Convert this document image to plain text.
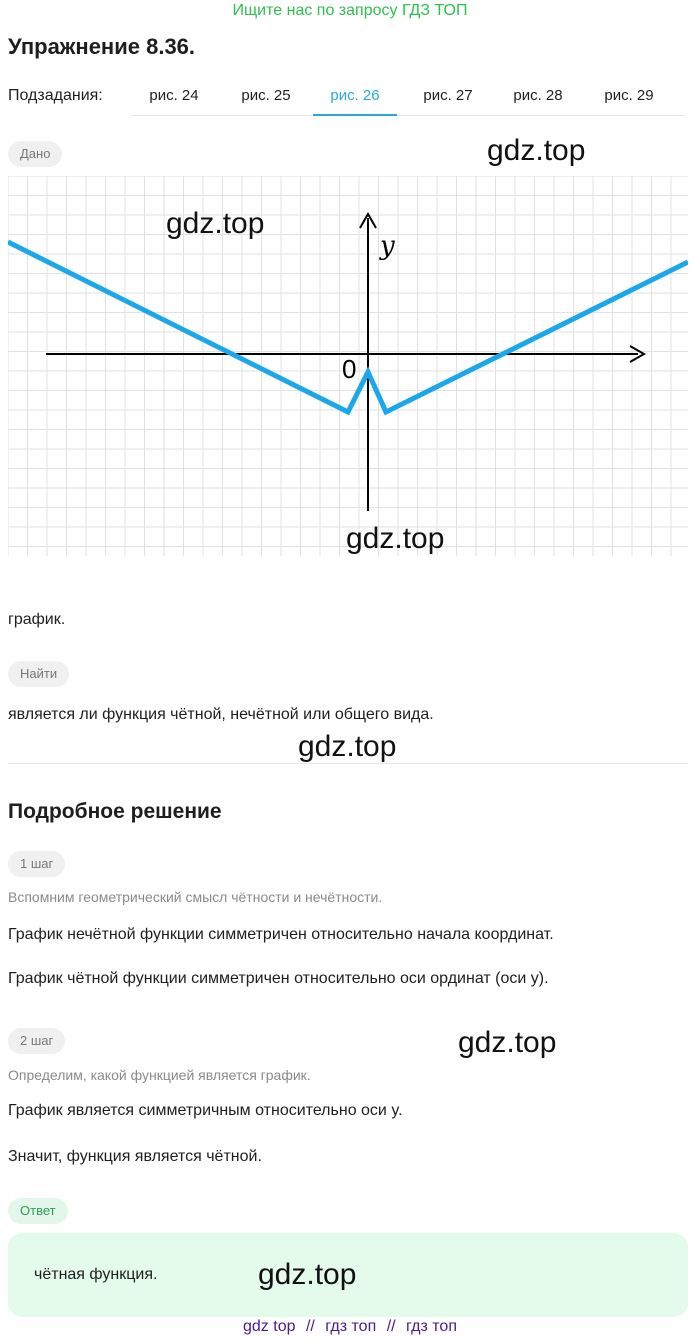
Ищите нас по запросу ГДЗ ТОП
Упражнение 8.36.
Подзадания:	рис. 24	рис. 25	рис. 26	рис. 27	рис. 28	рис. 29
Дано
y
0
gdz.top
gdz.top
gdz.top
график.
Найти
является ли функция чётной, нечётной или общего вида.
gdz.top
Подробное решение
1 шаг
Вспомним геометрический смысл чётности и нечётности.
График нечётной функции симметричен относительно начала координат.
График чётной функции симметричен относительно оси ординат (оси y).
2 шаг	gdz.top
Определим, какой функцией является график.
График является симметричным относительно оси y.
Значит, функция является чётной.
Ответ
чётная функция.	gdz.top
gdz top // гдз топ // гдз топ
